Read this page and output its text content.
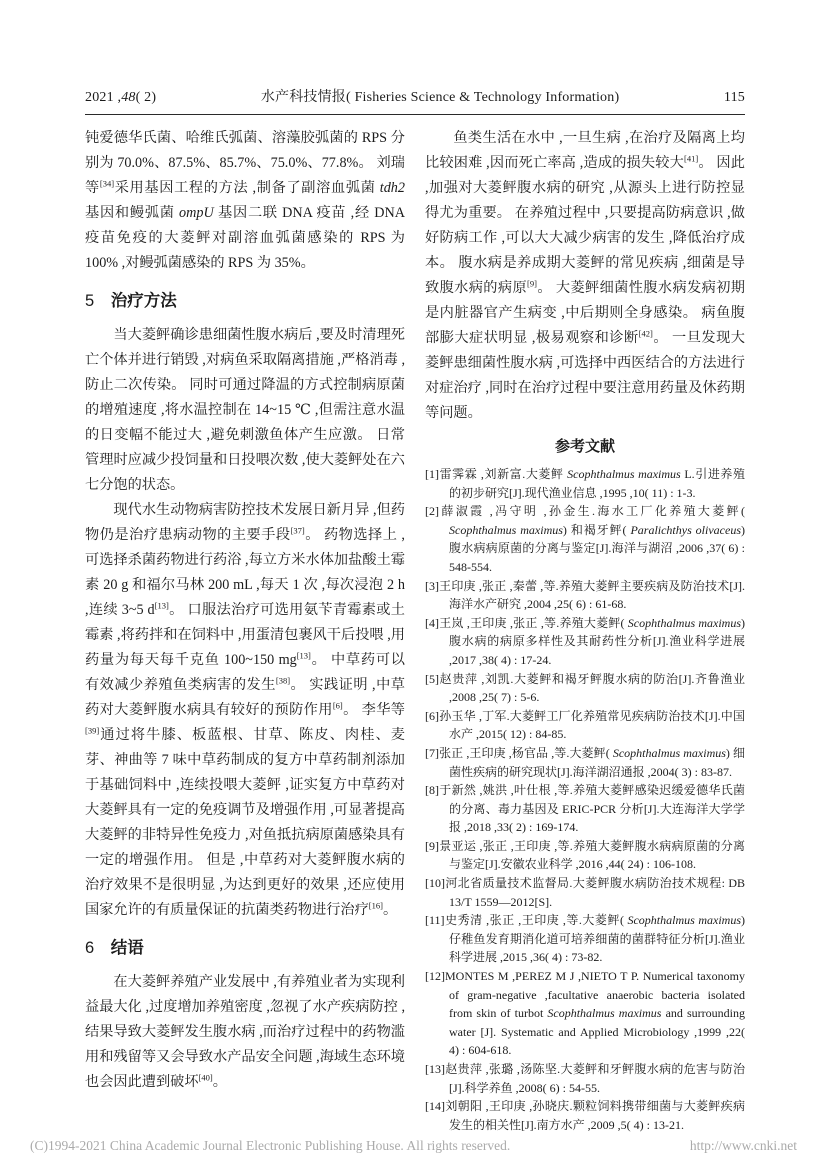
2021 ,48( 2)	水产科技情报( Fisheries Science & Technology Information)	115

钝爱德华氏菌、哈维氏弧菌、溶藻胶弧菌的 RPS 分别为 70.0%、87.5%、85.7%、75.0%、77.8%。 刘瑞等[34]采用基因工程的方法 ,制备了副溶血弧菌 tdh2 基因和鳗弧菌 ompU 基因二联 DNA 疫苗 ,经 DNA 疫苗免疫的大菱鲆对副溶血弧菌感染的 RPS 为 100% ,对鳗弧菌感染的 RPS 为 35%。

5 治疗方法

当大菱鲆确诊患细菌性腹水病后 ,要及时清理死亡个体并进行销毁 ,对病鱼采取隔离措施 ,严格消毒 ,防止二次传染。 同时可通过降温的方式控制病原菌的增殖速度 ,将水温控制在 14~15 ℃ ,但需注意水温的日变幅不能过大 ,避免刺激鱼体产生应激。 日常管理时应减少投饲量和日投喂次数 ,使大菱鲆处在六七分饱的状态。

现代水生动物病害防控技术发展日新月异 ,但药物仍是治疗患病动物的主要手段[37]。 药物选择上 ,可选择杀菌药物进行药浴 ,每立方米水体加盐酸土霉素 20 g 和福尔马林 200 mL ,每天 1 次 ,每次浸泡 2 h ,连续 3~5 d[13]。 口服法治疗可选用氨苄青霉素或土霉素 ,将药拌和在饲料中 ,用蛋清包裹风干后投喂 ,用药量为每天每千克鱼 100~150 mg[13]。 中草药可以有效减少养殖鱼类病害的发生[38]。 实践证明 ,中草药对大菱鲆腹水病具有较好的预防作用[6]。 李华等[39]通过将牛膝、板蓝根、甘草、陈皮、肉桂、麦芽、神曲等 7 味中草药制成的复方中草药制剂添加于基础饲料中 ,连续投喂大菱鲆 ,证实复方中草药对大菱鲆具有一定的免疫调节及增强作用 ,可显著提高大菱鲆的非特异性免疫力 ,对鱼抵抗病原菌感染具有一定的增强作用。 但是 ,中草药对大菱鲆腹水病的治疗效果不是很明显 ,为达到更好的效果 ,还应使用国家允许的有质量保证的抗菌类药物进行治疗[16]。

6 结语

在大菱鲆养殖产业发展中 ,有养殖业者为实现利益最大化 ,过度增加养殖密度 ,忽视了水产疾病防控 ,结果导致大菱鲆发生腹水病 ,而治疗过程中的药物滥用和残留等又会导致水产品安全问题 ,海域生态环境也会因此遭到破坏[40]。

鱼类生活在水中 ,一旦生病 ,在治疗及隔离上均比较困难 ,因而死亡率高 ,造成的损失较大[41]。 因此 ,加强对大菱鲆腹水病的研究 ,从源头上进行防控显得尤为重要。 在养殖过程中 ,只要提高防病意识 ,做好防病工作 ,可以大大减少病害的发生 ,降低治疗成本。 腹水病是养成期大菱鲆的常见疾病 ,细菌是导致腹水病的病原[9]。 大菱鲆细菌性腹水病发病初期是内脏器官产生病变 ,中后期则全身感染。 病鱼腹部膨大症状明显 ,极易观察和诊断[42]。 一旦发现大菱鲆患细菌性腹水病 ,可选择中西医结合的方法进行对症治疗 ,同时在治疗过程中要注意用药量及休药期等问题。

参考文献
[1]雷霁霖 ,刘新富.大菱鲆 Scophthalmus maximus L.引进养殖的初步研究[J].现代渔业信息 ,1995 ,10( 11) : 1-3.
[2]薛淑霞 ,冯守明 ,孙金生.海水工厂化养殖大菱鲆( Scophthalmus maximus) 和褐牙鲆( Paralichthys olivaceus) 腹水病病原菌的分离与鉴定[J].海洋与湖沼 ,2006 ,37( 6) : 548-554.
[3]王印庚 ,张正 ,秦蕾 ,等.养殖大菱鲆主要疾病及防治技术[J].海洋水产研究 ,2004 ,25( 6) : 61-68.
[4]王岚 ,王印庚 ,张正 ,等.养殖大菱鲆( Scophthalmus maximus) 腹水病的病原多样性及其耐药性分析[J].渔业科学进展 ,2017 ,38( 4) : 17-24.
[5]赵贵萍 ,刘凯.大菱鲆和褐牙鲆腹水病的防治[J].齐鲁渔业 ,2008 ,25( 7) : 5-6.
[6]孙玉华 ,丁军.大菱鲆工厂化养殖常见疾病防治技术[J].中国水产 ,2015( 12) : 84-85.
[7]张正 ,王印庚 ,杨官品 ,等.大菱鲆( Scophthalmus maximus) 细菌性疾病的研究现状[J].海洋湖沼通报 ,2004( 3) : 83-87.
[8]于新然 ,姚洪 ,叶仕根 ,等.养殖大菱鲆感染迟缓爱德华氏菌的分离、毒力基因及 ERIC-PCR 分析[J].大连海洋大学学报 ,2018 ,33( 2) : 169-174.
[9]景亚运 ,张正 ,王印庚 ,等.养殖大菱鲆腹水病病原菌的分离与鉴定[J].安徽农业科学 ,2016 ,44( 24) : 106-108.
[10]河北省质量技术监督局.大菱鲆腹水病防治技术规程: DB 13/T 1559—2012[S].
[11]史秀清 ,张正 ,王印庚 ,等.大菱鲆( Scophthalmus maximus) 仔稚鱼发育期消化道可培养细菌的菌群特征分析[J].渔业科学进展 ,2015 ,36( 4) : 73-82.
[12]MONTES M ,PEREZ M J ,NIETO T P. Numerical taxonomy of gram-negative ,facultative anaerobic bacteria isolated from skin of turbot Scophthalmus maximus and surrounding water [J]. Systematic and Applied Microbiology ,1999 ,22( 4) : 604-618.
[13]赵贵萍 ,张璐 ,汤陈坚.大菱鲆和牙鲆腹水病的危害与防治[J].科学养鱼 ,2008( 6) : 54-55.
[14]刘朝阳 ,王印庚 ,孙晓庆.颗粒饲料携带细菌与大菱鲆疾病发生的相关性[J].南方水产 ,2009 ,5( 4) : 13-21.
(C)1994-2021 China Academic Journal Electronic Publishing House. All rights reserved.	http://www.cnki.net
